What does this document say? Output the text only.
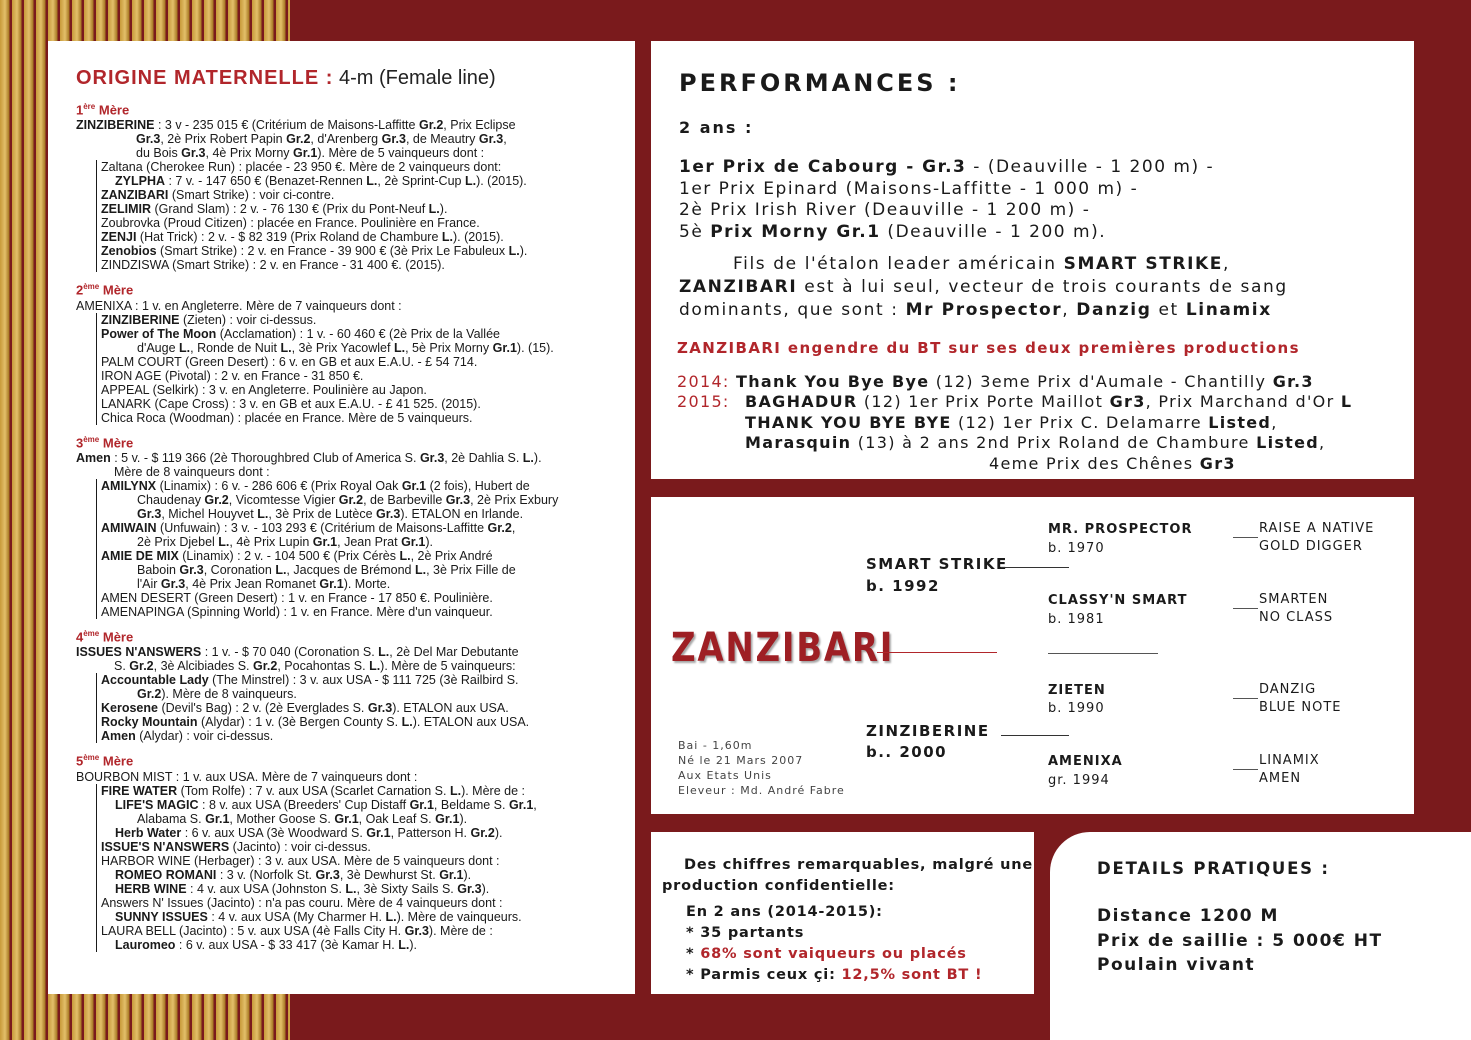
ORIGINE MATERNELLE : 4-m (Female line)
1ère Mère
ZINZIBERINE : 3 v - 235 015 € (Critérium de Maisons-Laffitte Gr.2, Prix Eclipse
Gr.3, 2è Prix Robert Papin Gr.2, d'Arenberg Gr.3, de Meautry Gr.3,
du Bois Gr.3, 4è Prix Morny Gr.1). Mère de 5 vainqueurs dont :
Zaltana (Cherokee Run) : placée - 23 950 €. Mère de 2 vainqueurs dont:
ZYLPHA : 7 v. - 147 650 € (Benazet-Rennen L., 2è Sprint-Cup L.). (2015).
ZANZIBARI (Smart Strike) : voir ci-contre.
ZELIMIR (Grand Slam) : 2 v. - 76 130 € (Prix du Pont-Neuf L.).
Zoubrovka (Proud Citizen) : placée en France. Poulinière en France.
ZENJI (Hat Trick) : 2 v. - $ 82 319 (Prix Roland de Chambure L.). (2015).
Zenobios (Smart Strike) : 2 v. en France - 39 900 € (3è Prix Le Fabuleux L.).
ZINDZISWA (Smart Strike) : 2 v. en France - 31 400 €. (2015).
2ème Mère
AMENIXA : 1 v. en Angleterre. Mère de 7 vainqueurs dont :
ZINZIBERINE (Zieten) : voir ci-dessus.
Power of The Moon (Acclamation) : 1 v. - 60 460 € (2è Prix de la Vallée
d'Auge L., Ronde de Nuit L., 3è Prix Yacowlef L., 5è Prix Morny Gr.1). (15).
PALM COURT (Green Desert) : 6 v. en GB et aux E.A.U. - £ 54 714.
IRON AGE (Pivotal) : 2 v. en France - 31 850 €.
APPEAL (Selkirk) : 3 v. en Angleterre. Poulinière au Japon.
LANARK (Cape Cross) : 3 v. en GB et aux E.A.U. - £ 41 525. (2015).
Chica Roca (Woodman) : placée en France. Mère de 5 vainqueurs.
3ème Mère
Amen : 5 v. - $ 119 366 (2è Thoroughbred Club of America S. Gr.3, 2è Dahlia S. L.).
Mère de 8 vainqueurs dont :
AMILYNX (Linamix) : 6 v. - 286 606 € (Prix Royal Oak Gr.1 (2 fois), Hubert de
Chaudenay Gr.2, Vicomtesse Vigier Gr.2, de Barbeville Gr.3, 2è Prix Exbury
Gr.3, Michel Houyvet L., 3è Prix de Lutèce Gr.3). ETALON en Irlande.
AMIWAIN (Unfuwain) : 3 v. - 103 293 € (Critérium de Maisons-Laffitte Gr.2,
2è Prix Djebel L., 4è Prix Lupin Gr.1, Jean Prat Gr.1).
AMIE DE MIX (Linamix) : 2 v. - 104 500 € (Prix Cérès L., 2è Prix André
Baboin Gr.3, Coronation L., Jacques de Brémond L., 3è Prix Fille de
l'Air Gr.3, 4è Prix Jean Romanet Gr.1). Morte.
AMEN DESERT (Green Desert) : 1 v. en France - 17 850 €. Poulinière.
AMENAPINGA (Spinning World) : 1 v. en France. Mère d'un vainqueur.
4ème Mère
ISSUES N'ANSWERS : 1 v. - $ 70 040 (Coronation S. L., 2è Del Mar Debutante
S. Gr.2, 3è Alcibiades S. Gr.2, Pocahontas S. L.). Mère de 5 vainqueurs:
Accountable Lady (The Minstrel) : 3 v. aux USA - $ 111 725 (3è Railbird S.
Gr.2). Mère de 8 vainqueurs.
Kerosene (Devil's Bag) : 2 v. (2è Everglades S. Gr.3). ETALON aux USA.
Rocky Mountain (Alydar) : 1 v. (3è Bergen County S. L.). ETALON aux USA.
Amen (Alydar) : voir ci-dessus.
5ème Mère
BOURBON MIST : 1 v. aux USA. Mère de 7 vainqueurs dont :
FIRE WATER (Tom Rolfe) : 7 v. aux USA (Scarlet Carnation S. L.). Mère de :
LIFE'S MAGIC : 8 v. aux USA (Breeders' Cup Distaff Gr.1, Beldame S. Gr.1,
Alabama S. Gr.1, Mother Goose S. Gr.1, Oak Leaf S. Gr.1).
Herb Water : 6 v. aux USA (3è Woodward S. Gr.1, Patterson H. Gr.2).
ISSUE'S N'ANSWERS (Jacinto) : voir ci-dessus.
HARBOR WINE (Herbager) : 3 v. aux USA. Mère de 5 vainqueurs dont :
ROMEO ROMANI : 3 v. (Norfolk St. Gr.3, 3è Dewhurst St. Gr.1).
HERB WINE : 4 v. aux USA (Johnston S. L., 3è Sixty Sails S. Gr.3).
Answers N' Issues (Jacinto) : n'a pas couru. Mère de 4 vainqueurs dont :
SUNNY ISSUES : 4 v. aux USA (My Charmer H. L.). Mère de vainqueurs.
LAURA BELL (Jacinto) : 5 v. aux USA (4è Falls City H. Gr.3). Mère de :
Lauromeo : 6 v. aux USA - $ 33 417 (3è Kamar H. L.).
PERFORMANCES :
2 ans :
1er Prix de Cabourg - Gr.3 - (Deauville - 1 200 m) -
1er Prix Epinard (Maisons-Laffitte - 1 000 m) -
2è Prix Irish River (Deauville - 1 200 m) -
5è Prix Morny Gr.1 (Deauville - 1 200 m).
Fils de l'étalon leader américain SMART STRIKE,
ZANZIBARI est à lui seul, vecteur de trois courants de sang
dominants, que sont : Mr Prospector, Danzig et Linamix
ZANZIBARI engendre du BT sur ses deux premières productions
2014: Thank You Bye Bye (12) 3eme Prix d'Aumale - Chantilly Gr.3
2015: BAGHADUR (12) 1er Prix Porte Maillot Gr3, Prix Marchand d'Or L
THANK YOU BYE BYE (12) 1er Prix C. Delamarre Listed,
Marasquin (13) à 2 ans 2nd Prix Roland de Chambure Listed,
4eme Prix des Chênes Gr3
ZANZIBARI
SMART STRIKE
b. 1992
ZINZIBERINE
b.. 2000
MR. PROSPECTOR
b. 1970
CLASSY'N SMART
b. 1981
ZIETEN
b. 1990
AMENIXA
gr. 1994
RAISE A NATIVE
GOLD DIGGER
SMARTEN
NO CLASS
DANZIG
BLUE NOTE
LINAMIX
AMEN
Bai - 1,60m
Né le 21 Mars 2007
Aux Etats Unis
Eleveur : Md. André Fabre
Des chiffres remarquables, malgré une
production confidentielle:
En 2 ans (2014-2015):
* 35 partants
* 68% sont vaiqueurs ou placés
* Parmis ceux çi: 12,5% sont BT !
DETAILS PRATIQUES :
Distance 1200 M
Prix de saillie : 5 000€ HT
Poulain vivant
